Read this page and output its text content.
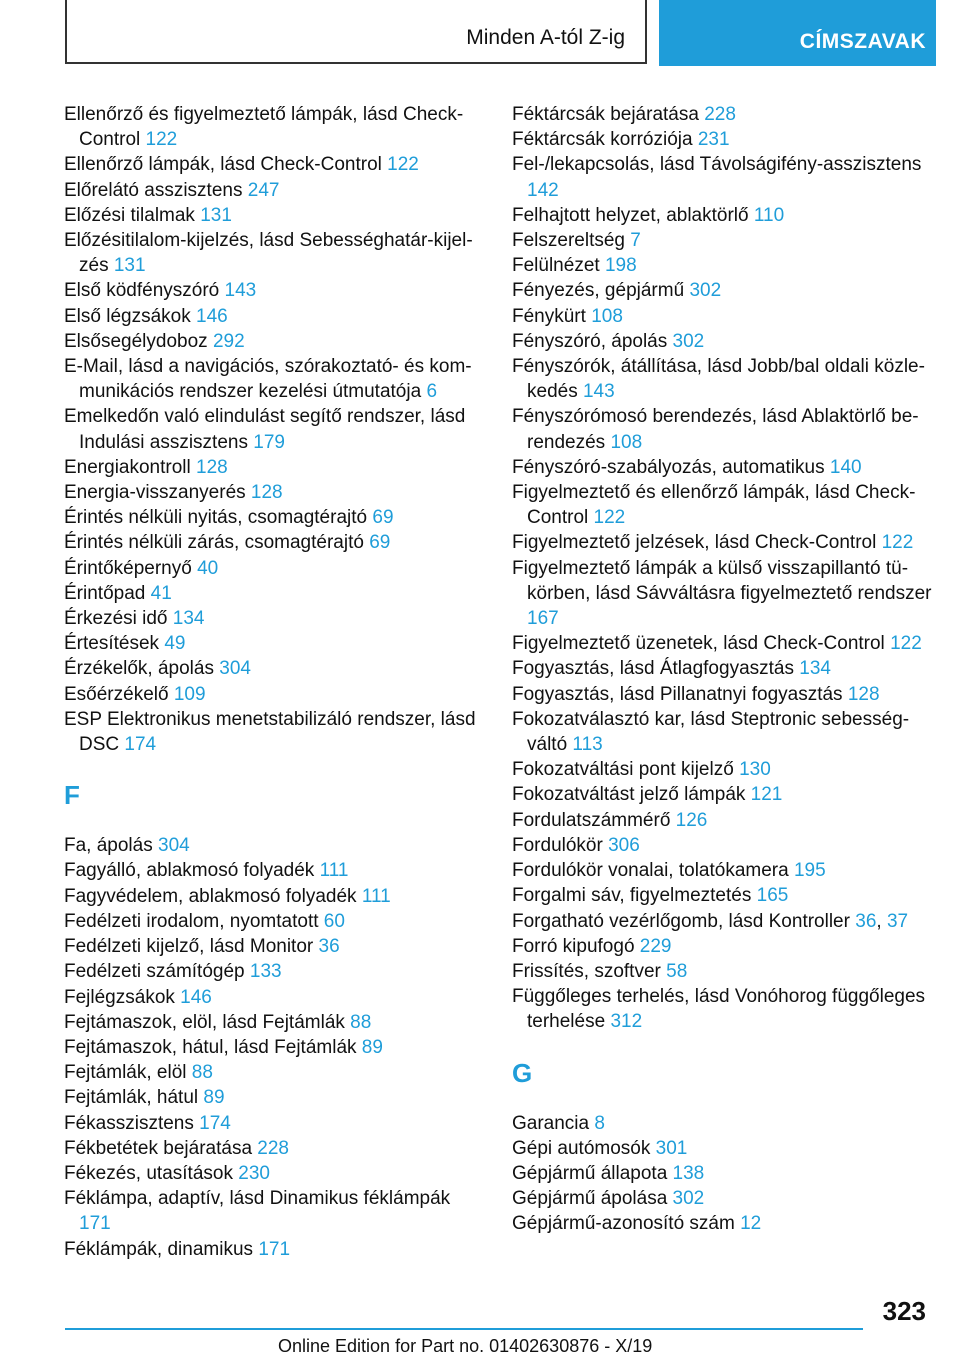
Minden A-tól Z-ig	CÍMSZAVAK
Ellenőrző és figyelmeztető lámpák, lásd Check-Control 122
Ellenőrző lámpák, lásd Check-Control 122
Előrelátó asszisztens 247
Előzési tilalmak 131
Előzésitilalom-kijelzés, lásd Sebességhatár-kijelzés 131
Első ködfényszóró 143
Első légzsákok 146
Elsősegélydoboz 292
E-Mail, lásd a navigációs, szórakoztató- és kommunikációs rendszer kezelési útmutatója 6
Emelkedőn való elindulást segítő rendszer, lásd Indulási asszisztens 179
Energiakontroll 128
Energia-visszanyerés 128
Érintés nélküli nyitás, csomagtérajtó 69
Érintés nélküli zárás, csomagtérajtó 69
Érintőképernyő 40
Érintőpad 41
Érkezési idő 134
Értesítések 49
Érzékelők, ápolás 304
Esőérzékelő 109
ESP Elektronikus menetstabilizáló rendszer, lásd DSC 174
F
Fa, ápolás 304
Fagyálló, ablakmosó folyadék 111
Fagyvédelem, ablakmosó folyadék 111
Fedélzeti irodalom, nyomtatott 60
Fedélzeti kijelző, lásd Monitor 36
Fedélzeti számítógép 133
Fejlégzsákok 146
Fejtámaszok, elöl, lásd Fejtámlák 88
Fejtámaszok, hátul, lásd Fejtámlák 89
Fejtámlák, elöl 88
Fejtámlák, hátul 89
Fékasszisztens 174
Fékbetétek bejáratása 228
Fékezés, utasítások 230
Féklámpa, adaptív, lásd Dinamikus féklámpák 171
Féklámpák, dinamikus 171
Féktárcsák bejáratása 228
Féktárcsák korróziója 231
Fel-/lekapcsolás, lásd Távolságifény-asszisztens 142
Felhajtott helyzet, ablaktörlő 110
Felszereltség 7
Felülnézet 198
Fényezés, gépjármű 302
Fénykürt 108
Fényszóró, ápolás 302
Fényszórók, átállítása, lásd Jobb/bal oldali közlekedés 143
Fényszórómosó berendezés, lásd Ablaktörlő berendezés 108
Fényszóró-szabályozás, automatikus 140
Figyelmeztető és ellenőrző lámpák, lásd Check-Control 122
Figyelmeztető jelzések, lásd Check-Control 122
Figyelmeztető lámpák a külső visszapillantó tükörben, lásd Sávváltásra figyelmeztető rendszer 167
Figyelmeztető üzenetek, lásd Check-Control 122
Fogyasztás, lásd Átlagfogyasztás 134
Fogyasztás, lásd Pillanatnyi fogyasztás 128
Fokozatválasztó kar, lásd Steptronic sebességváltó 113
Fokozatváltási pont kijelző 130
Fokozatváltást jelző lámpák 121
Fordulatszámmérő 126
Fordulókör 306
Fordulókör vonalai, tolatókamera 195
Forgalmi sáv, figyelmeztetés 165
Forgatható vezérlőgomb, lásd Kontroller 36, 37
Forró kipufogó 229
Frissítés, szoftver 58
Függőleges terhelés, lásd Vonóhorog függőleges terhelése 312
G
Garancia 8
Gépi autómosók 301
Gépjármű állapota 138
Gépjármű ápolása 302
Gépjármű-azonosító szám 12
323
Online Edition for Part no. 01402630876 - X/19
